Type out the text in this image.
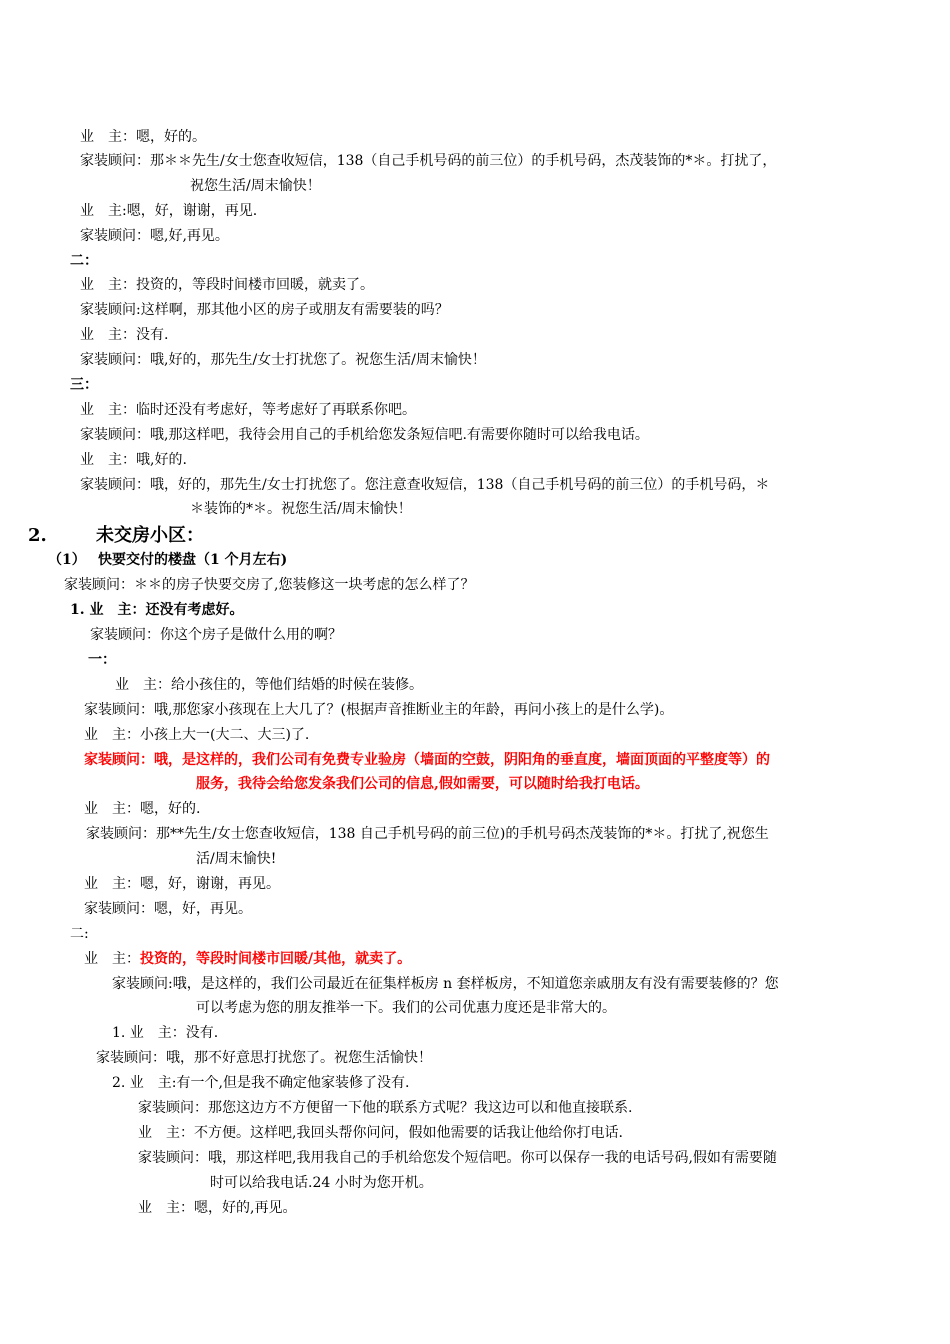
业　主：嗯，好的。
家装顾问：那＊＊先生/女士您查收短信，138（自己手机号码的前三位）的手机号码，杰茂装饰的*＊。打扰了，
祝您生活/周末愉快！
业　主:嗯，好，谢谢，再见.
家装顾问：嗯,好,再见。
二：
业　主：投资的，等段时间楼市回暖，就卖了。
家装顾问:这样啊，那其他小区的房子或朋友有需要装的吗？
业　主：没有.
家装顾问：哦,好的，那先生/女士打扰您了。祝您生活/周末愉快！
三：
业　主：临时还没有考虑好，等考虑好了再联系你吧。
家装顾问：哦,那这样吧，我待会用自己的手机给您发条短信吧.有需要你随时可以给我电话。
业　主：哦,好的.
家装顾问：哦，好的，那先生/女士打扰您了。您注意查收短信，138（自己手机号码的前三位）的手机号码，＊
＊装饰的*＊。祝您生活/周末愉快！
2.	未交房小区：
（1） 快要交付的楼盘（1 个月左右)
家装顾问：＊＊的房子快要交房了,您装修这一块考虑的怎么样了？
1. 业　主：还没有考虑好。
家装顾问：你这个房子是做什么用的啊？
一：
业　主：给小孩住的，等他们结婚的时候在装修。
家装顾问：哦,那您家小孩现在上大几了？(根据声音推断业主的年龄，再问小孩上的是什么学)。
业　主：小孩上大一(大二、大三)了.
家装顾问：哦，是这样的，我们公司有免费专业验房（墙面的空鼓，阴阳角的垂直度，墙面顶面的平整度等）的
服务，我待会给您发条我们公司的信息,假如需要，可以随时给我打电话。
业　主：嗯，好的.
家装顾问：那**先生/女士您查收短信，138 自己手机号码的前三位)的手机号码杰茂装饰的*＊。打扰了,祝您生
活/周末愉快!
业　主：嗯，好，谢谢，再见。
家装顾问：嗯，好，再见。
二:
业　主：投资的，等段时间楼市回暖/其他，就卖了。
家装顾问:哦，是这样的，我们公司最近在征集样板房 n 套样板房，不知道您亲戚朋友有没有需要装修的？您
可以考虑为您的朋友推举一下。我们的公司优惠力度还是非常大的。
1. 业　主：没有.
家装顾问：哦，那不好意思打扰您了。祝您生活愉快！
2. 业　主:有一个,但是我不确定他家装修了没有.
家装顾问：那您这边方不方便留一下他的联系方式呢？我这边可以和他直接联系.
业　主：不方便。这样吧,我回头帮你问问，假如他需要的话我让他给你打电话.
家装顾问：哦，那这样吧,我用我自己的手机给您发个短信吧。你可以保存一我的电话号码,假如有需要随
时可以给我电话.24 小时为您开机。
业　主：嗯，好的,再见。
